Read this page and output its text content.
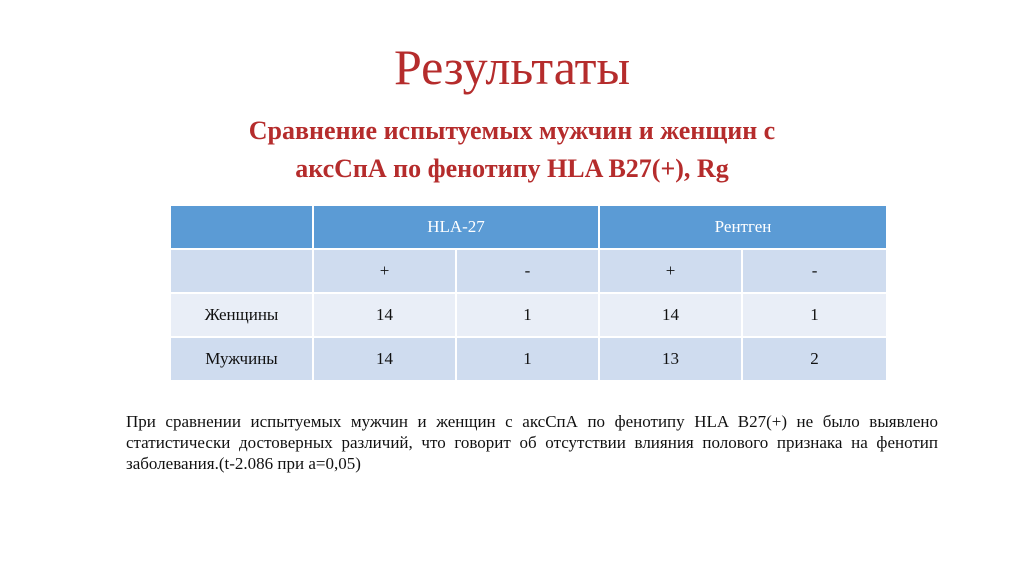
Результаты
Сравнение испытуемых мужчин и женщин с
аксСпА по фенотипу HLA B27(+), Rg
	HLA-27		Рентген	
	+	-	+	-
Женщины	14	1	14	1
Мужчины	14	1	13	2
При сравнении испытуемых мужчин и женщин с аксСпА по фенотипу HLA B27(+) не было выявлено статистически достоверных различий, что говорит об отсутствии влияния полового признака на фенотип заболевания.(t-2.086 при a=0,05)
